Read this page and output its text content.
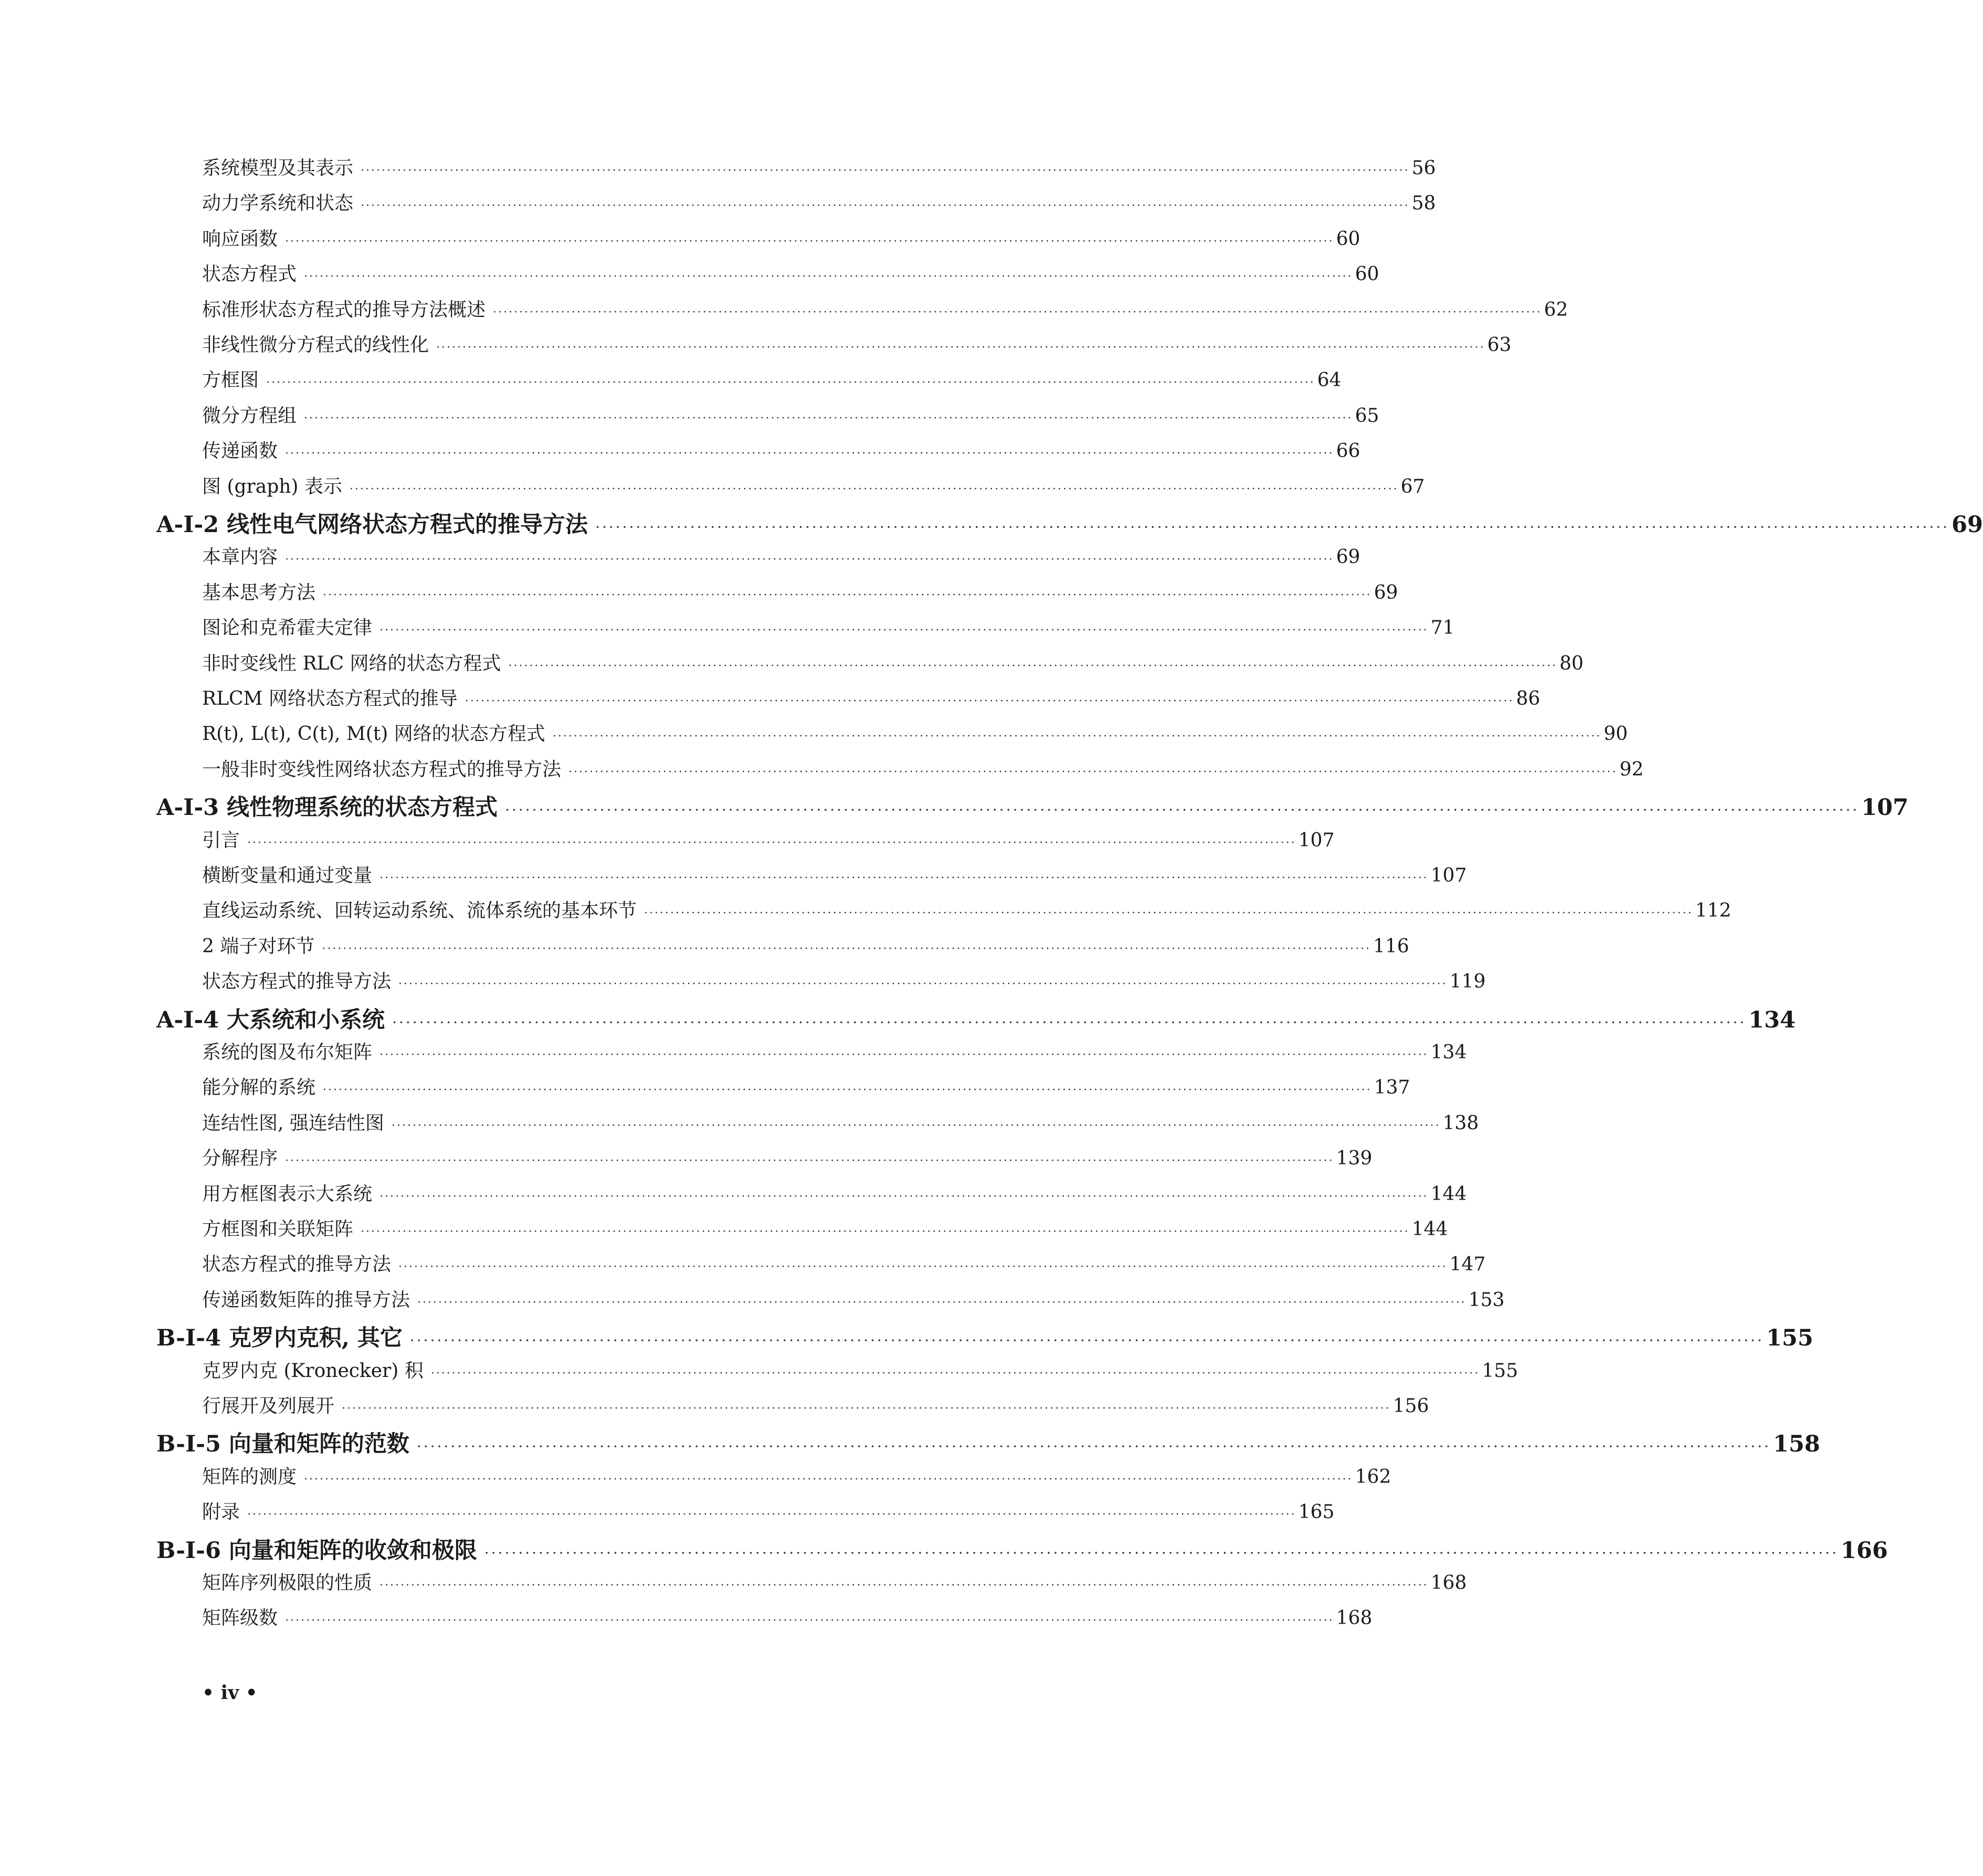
系统模型及其表示 ········································································································································································································ 56
动力学系统和状态 ········································································································································································································ 58
响应函数 ········································································································································································································ 60
状态方程式 ········································································································································································································ 60
标准形状态方程式的推导方法概述 ········································································································································································································ 62
非线性微分方程式的线性化 ········································································································································································································ 63
方框图 ········································································································································································································ 64
微分方程组 ········································································································································································································ 65
传递函数 ········································································································································································································ 66
图 (graph) 表示 ········································································································································································································ 67
A-I-2 线性电气网络状态方程式的推导方法 ········································································································································································································ 69
本章内容 ········································································································································································································ 69
基本思考方法 ········································································································································································································ 69
图论和克希霍夫定律 ········································································································································································································ 71
非时变线性 RLC 网络的状态方程式 ········································································································································································································ 80
RLCM 网络状态方程式的推导 ········································································································································································································ 86
R(t), L(t), C(t), M(t) 网络的状态方程式 ········································································································································································································ 90
一般非时变线性网络状态方程式的推导方法 ········································································································································································································ 92
A-I-3 线性物理系统的状态方程式 ········································································································································································································ 107
引言 ········································································································································································································ 107
横断变量和通过变量 ········································································································································································································ 107
直线运动系统、回转运动系统、流体系统的基本环节 ········································································································································································································ 112
2 端子对环节 ········································································································································································································ 116
状态方程式的推导方法 ········································································································································································································ 119
A-I-4 大系统和小系统 ········································································································································································································ 134
系统的图及布尔矩阵 ········································································································································································································ 134
能分解的系统 ········································································································································································································ 137
连结性图, 强连结性图 ········································································································································································································ 138
分解程序 ········································································································································································································ 139
用方框图表示大系统 ········································································································································································································ 144
方框图和关联矩阵 ········································································································································································································ 144
状态方程式的推导方法 ········································································································································································································ 147
传递函数矩阵的推导方法 ········································································································································································································ 153
B-I-4 克罗内克积, 其它 ········································································································································································································ 155
克罗内克 (Kronecker) 积 ········································································································································································································ 155
行展开及列展开 ········································································································································································································ 156
B-I-5 向量和矩阵的范数 ········································································································································································································ 158
矩阵的测度 ········································································································································································································ 162
附录 ········································································································································································································ 165
B-I-6 向量和矩阵的收敛和极限 ········································································································································································································ 166
矩阵序列极限的性质 ········································································································································································································ 168
矩阵级数 ········································································································································································································ 168
• iv •
